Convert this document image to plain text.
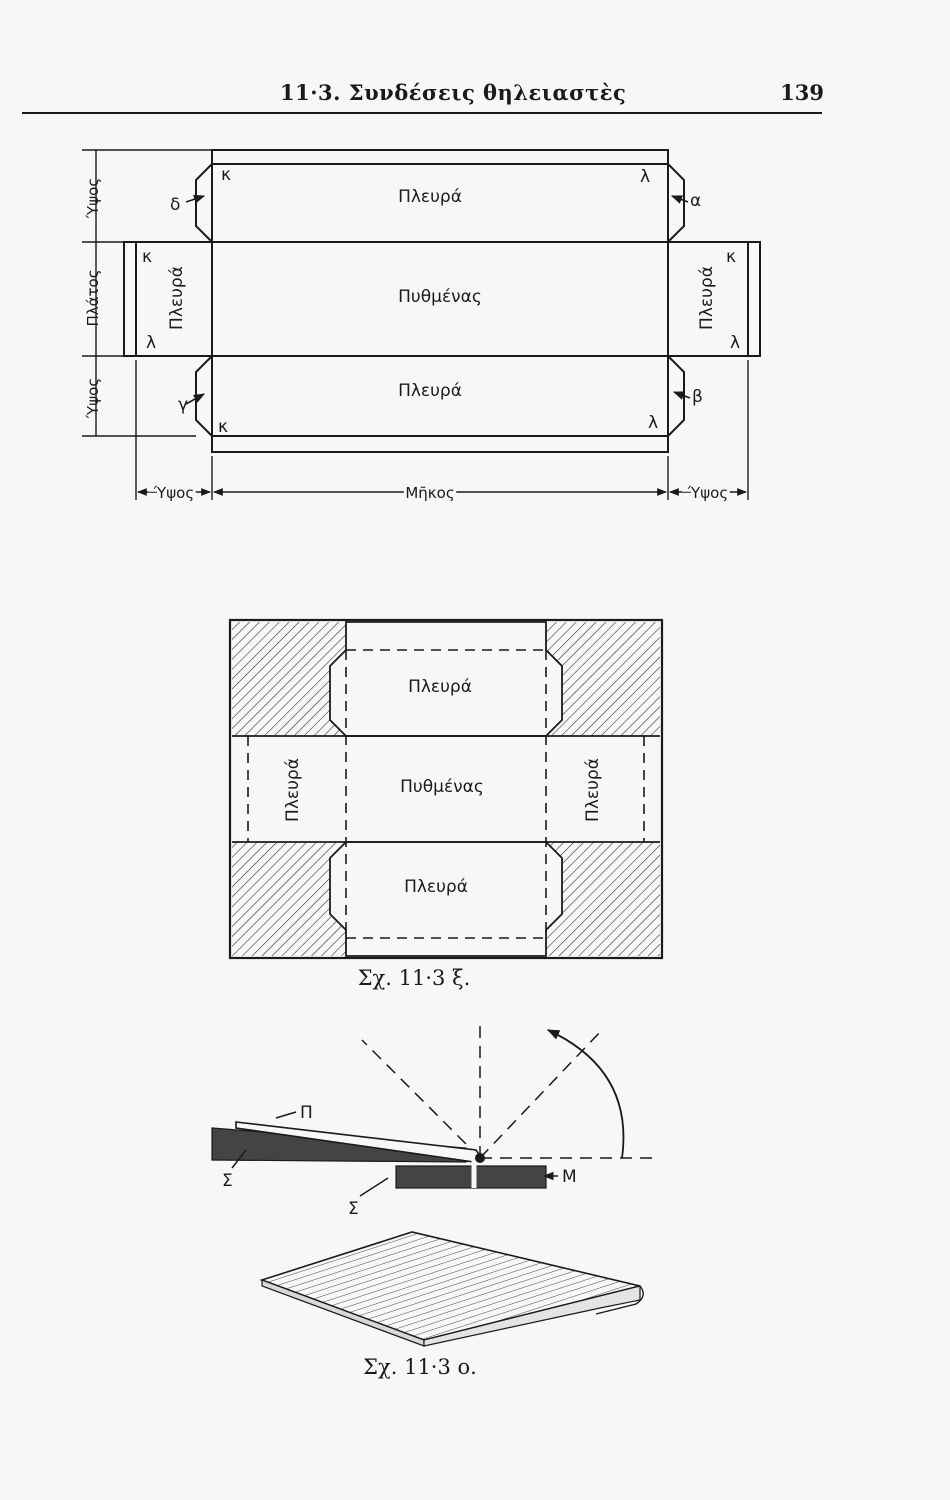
11·3. Συνδέσεις θηλειαστὲς	139
Πλευρά
Πυθμένας
Πλευρά
Πλευρά	Πλευρά
κ	λ
δ	α
κ
λ
κ
λ
γ	β
κ	λ
Ύψος
Πλάτος
Ύψος
Ύψος	Μῆκος	Ύψος
Πλευρά
Πυθμένας
Πλευρά
Πλευρά	Πλευρά
Σχ. 11·3 ξ.
Π
Σ
Σ
Μ
Σχ. 11·3 ο.
